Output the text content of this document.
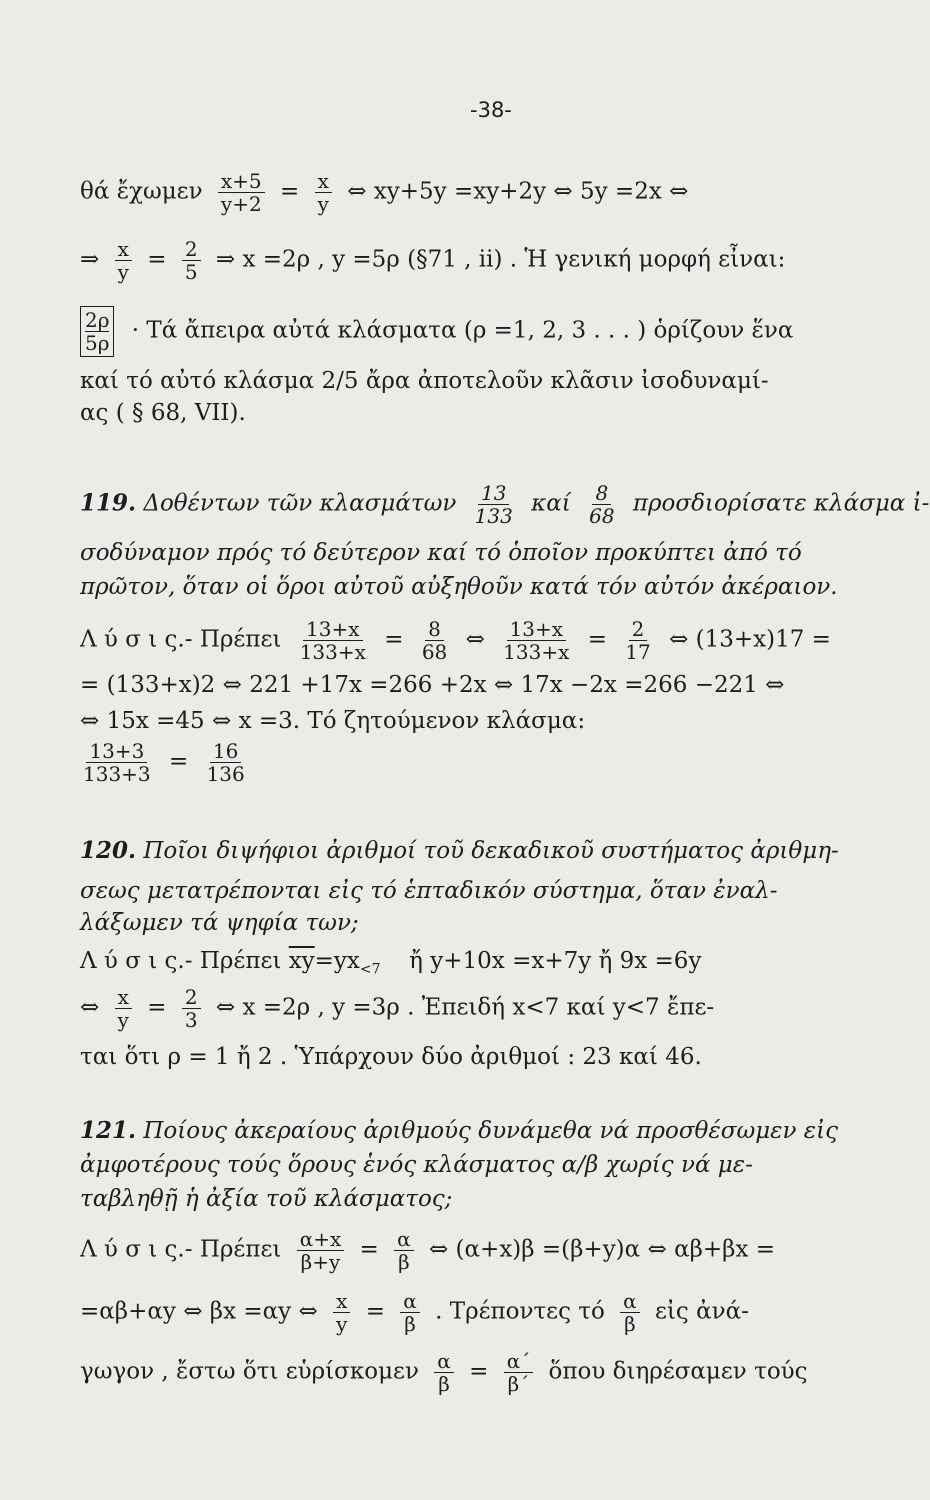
-38-
θά ἔχωμεν $\frac{x+5}{y+2} = \frac{x}{y}$ ⇔ xy+5y =xy+2y ⇔ 5y =2x ⇔
⇒ $\frac{x}{y} = \frac{2}{5}$ ⇒ x =2ρ , y =5ρ (§71 , ii) . Ἡ γενική μορφή εἶναι:
$\frac{2\rho}{5\rho} \cdot Tά$ ἄπειρα αὐτά κλάσματα (ρ =1, 2, 3 . . . ) ὁρίζουν ἕνα
καί τό αὐτό κλάσμα 2/5 ἄρα ἀποτελοῦν κλᾶσιν ἰσοδυναμί-
ας ( § 68, VII).
119. Δοθέντων τῶν κλασμάτων $\frac{13}{133}$ καί $\frac{8}{68}$ προσδιορίσατε κλάσμα ἰ-
σοδύναμον πρός τό δεύτερον καί τό ὁποῖον προκύπτει ἀπό τό
πρῶτον, ὅταν οἱ ὅροι αὐτοῦ αὐξηθοῦν κατά τόν αὐτόν ἀκέραιον.
Λ ύ σ ι ς.- Πρέπει $\frac{13+x}{133+x} = \frac{8}{68}$ ⇔ $\frac{13+x}{133+x} = \frac{2}{17}$ ⇔ (13+x)17 =
= (133+x)2 ⇔ 221 +17x =266 +2x ⇔ 17x −2x =266 −221 ⇔
⇔ 15x =45 ⇔ x =3. Τό ζητούμενον κλάσμα:
$\frac{13+3}{133+3} = \frac{16}{136}$
120. Ποῖοι διψήφιοι ἀριθμοί τοῦ δεκαδικοῦ συστήματος ἀριθμη-
σεως μετατρέπονται εἰς τό ἑπταδικόν σύστημα, ὅταν ἐναλ-
λάξωμεν τά ψηφία των;
Λ ύ σ ι ς.- Πρέπει $\overline{xy}=yx_{<7}$ ἤ y+10x =x+7y ἤ 9x =6y
⇔ $\frac{x}{y} = \frac{2}{3}$ ⇔ x =2ρ , y =3ρ . Ἐπειδή x<7 καί y<7 ἔπε-
ται ὅτι ρ = 1 ἤ 2 . Ὑπάρχουν δύο ἀριθμοί : 23 καί 46.
121. Ποίους ἀκεραίους ἀριθμούς δυνάμεθα νά προσθέσωμεν εἰς
ἀμφοτέρους τούς ὅρους ἑνός κλάσματος α/β χωρίς νά με-
ταβληθῇ ἡ ἀξία τοῦ κλάσματος;
Λ ύ σ ι ς.- Πρέπει $\frac{\alpha+x}{\beta+y} = \frac{\alpha}{\beta}$ ⇔ (α+x)β =(β+y)α ⇔ αβ+βx =
=αβ+αy ⇔ βx =αy ⇔ $\frac{x}{y} = \frac{\alpha}{\beta}$ . Τρέποντες τό $\frac{\alpha}{\beta}$ εἰς ἀνά-
γωγον , ἔστω ὅτι εὑρίσκομεν $\frac{\alpha}{\beta} = \frac{\alpha΄}{\beta΄}$ ὅπου διηρέσαμεν τούς
